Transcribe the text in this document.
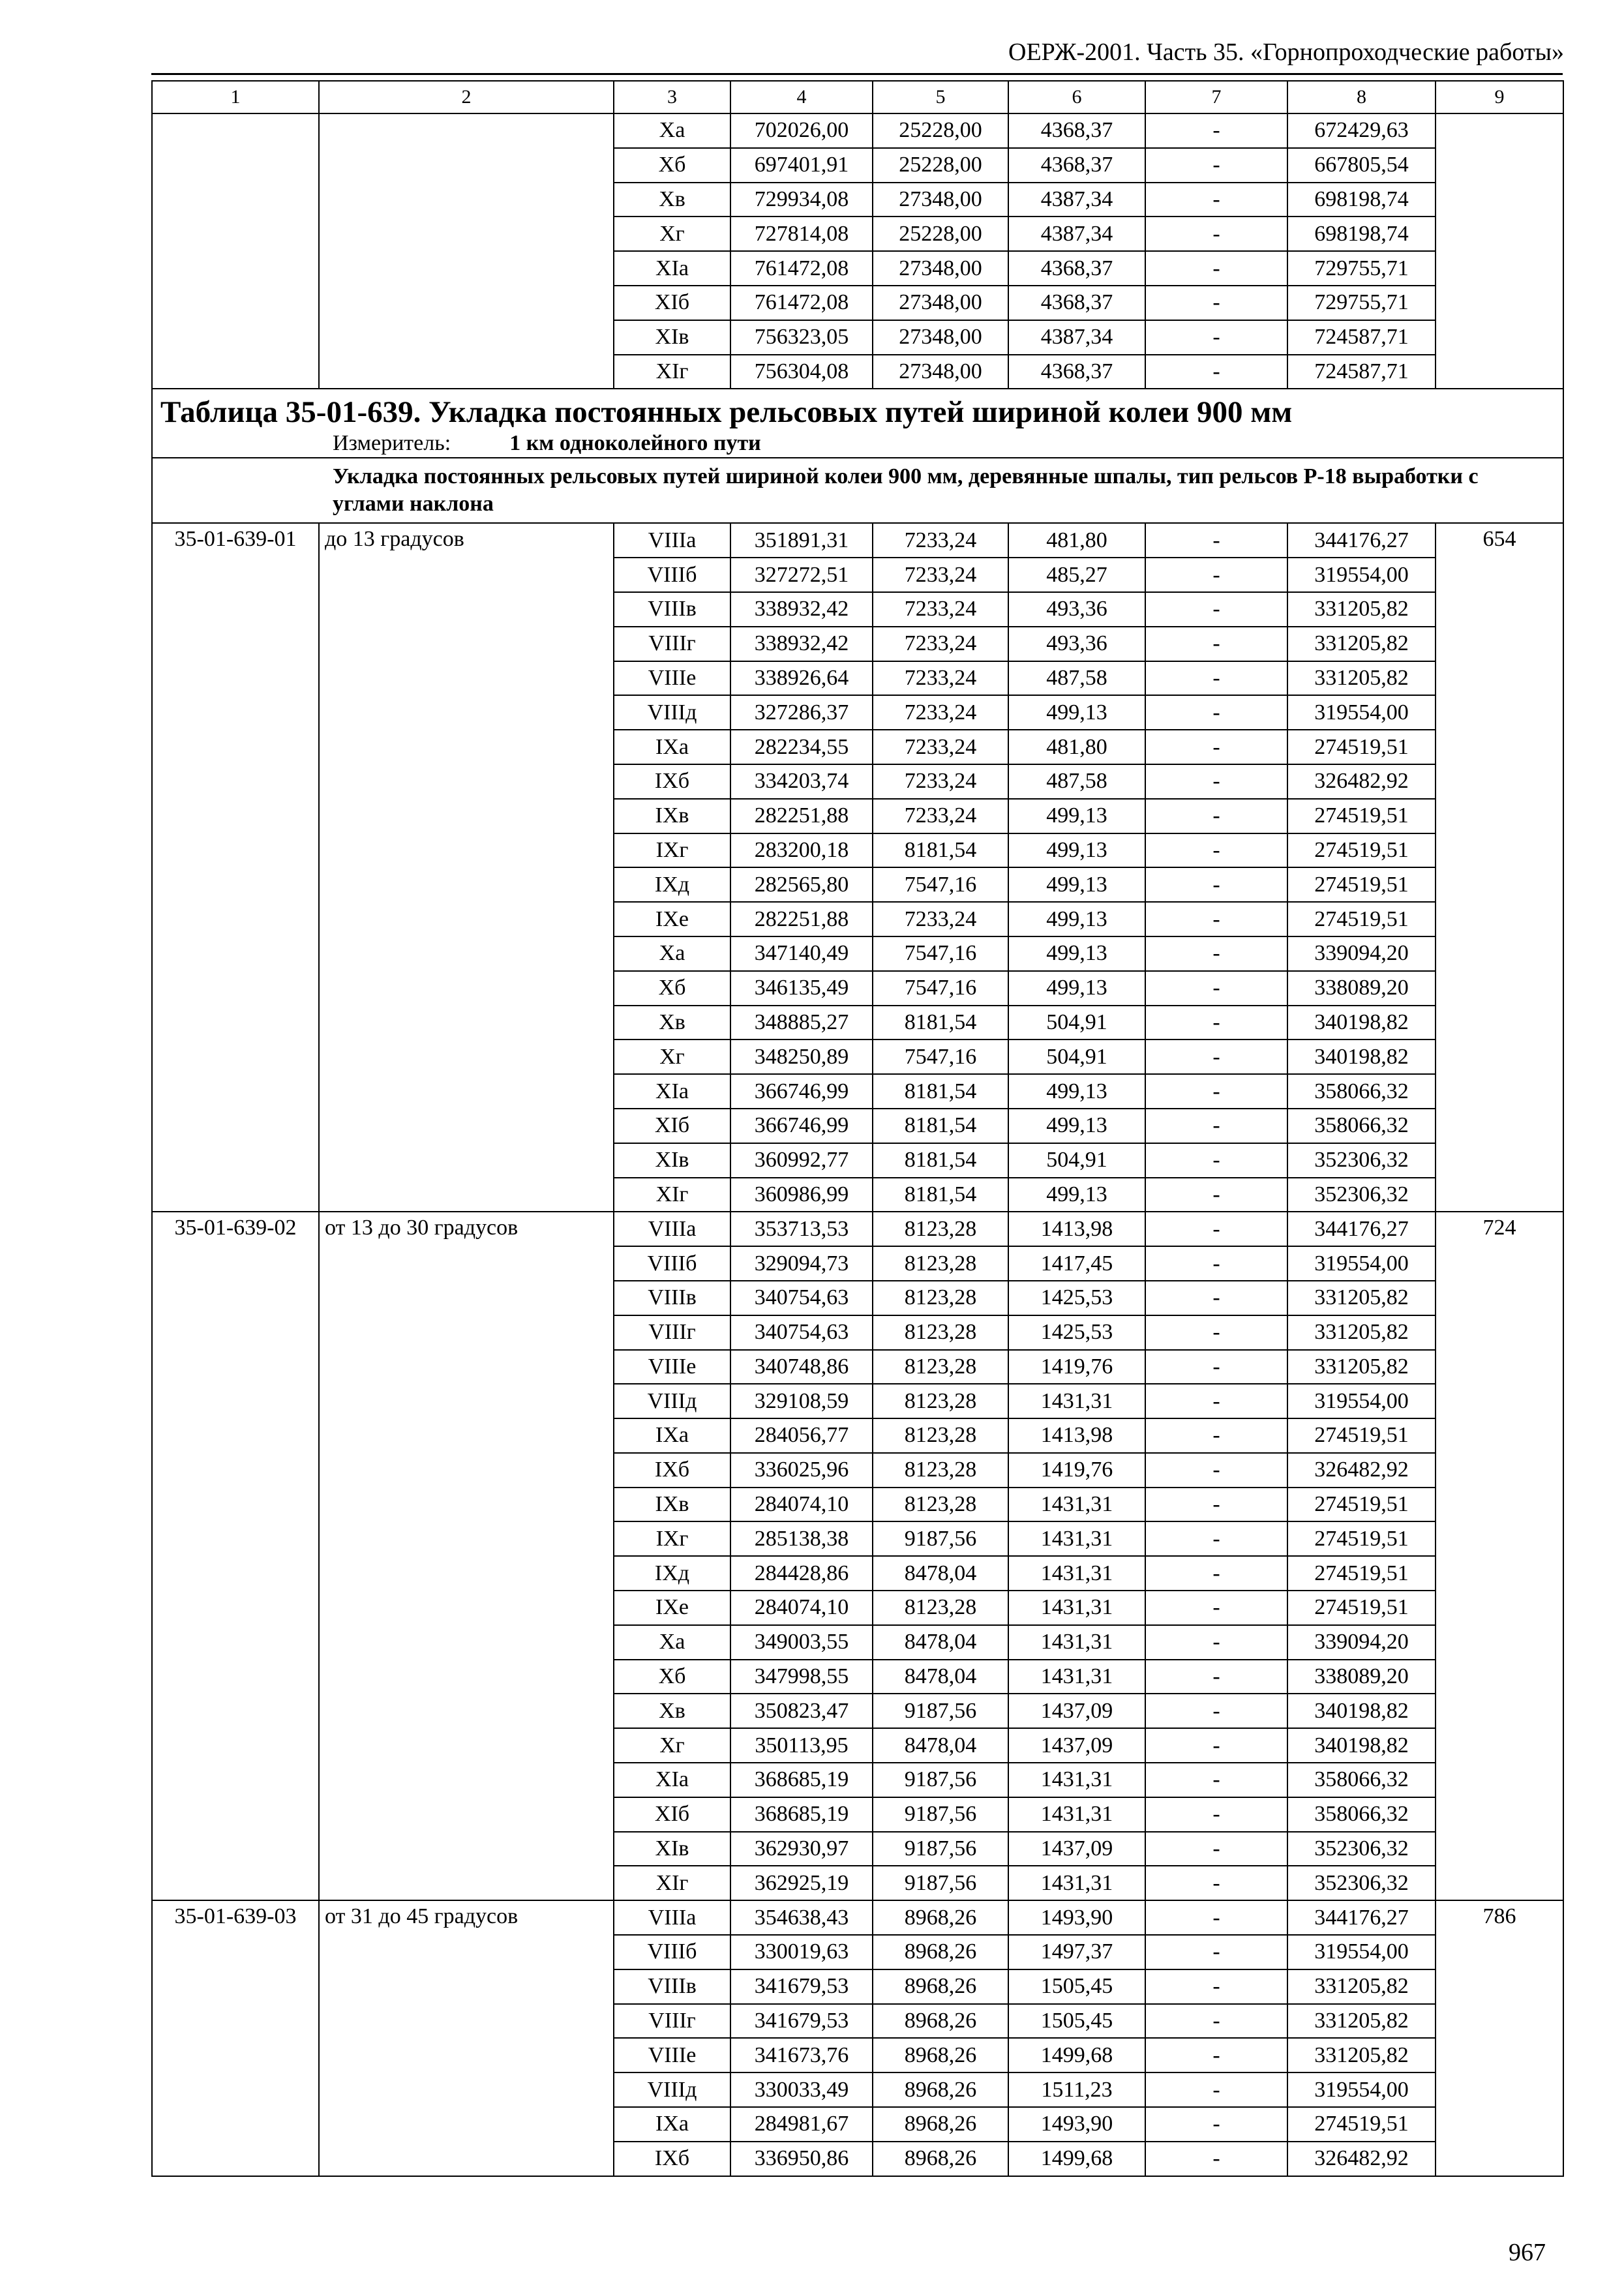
ОЕРЖ-2001. Часть 35. «Горнопроходческие работы»
1	2	3	4	5	6	7	8	9
		Xa	702026,00	25228,00	4368,37	-	672429,63	
		Xб	697401,91	25228,00	4368,37	-	667805,54	
		Xв	729934,08	27348,00	4387,34	-	698198,74	
		Xг	727814,08	25228,00	4387,34	-	698198,74	
		XIa	761472,08	27348,00	4368,37	-	729755,71	
		XIб	761472,08	27348,00	4368,37	-	729755,71	
		XIв	756323,05	27348,00	4387,34	-	724587,71	
		XIг	756304,08	27348,00	4368,37	-	724587,71	

Таблица 35-01-639. Укладка постоянных рельсовых путей шириной колеи 900 мм
Измеритель: 1 км одноколейного пути								

Укладка постоянных рельсовых путей шириной колеи 900 мм, деревянные шпалы, тип рельсов Р-18 выработки с углами наклона								
35-01-639-01	до 13 градусов	VIIIa	351891,31	7233,24	481,80	-	344176,27	654
		VIIIб	327272,51	7233,24	485,27	-	319554,00	
		VIIIв	338932,42	7233,24	493,36	-	331205,82	
		VIIIг	338932,42	7233,24	493,36	-	331205,82	
		VIIIe	338926,64	7233,24	487,58	-	331205,82	
		VIIIд	327286,37	7233,24	499,13	-	319554,00	
		IXa	282234,55	7233,24	481,80	-	274519,51	
		IXб	334203,74	7233,24	487,58	-	326482,92	
		IXв	282251,88	7233,24	499,13	-	274519,51	
		IXг	283200,18	8181,54	499,13	-	274519,51	
		IXд	282565,80	7547,16	499,13	-	274519,51	
		IXe	282251,88	7233,24	499,13	-	274519,51	
		Xa	347140,49	7547,16	499,13	-	339094,20	
		Xб	346135,49	7547,16	499,13	-	338089,20	
		Xв	348885,27	8181,54	504,91	-	340198,82	
		Xг	348250,89	7547,16	504,91	-	340198,82	
		XIa	366746,99	8181,54	499,13	-	358066,32	
		XIб	366746,99	8181,54	499,13	-	358066,32	
		XIв	360992,77	8181,54	504,91	-	352306,32	
		XIг	360986,99	8181,54	499,13	-	352306,32	
35-01-639-02	от 13 до 30 градусов	VIIIa	353713,53	8123,28	1413,98	-	344176,27	724
		VIIIб	329094,73	8123,28	1417,45	-	319554,00	
		VIIIв	340754,63	8123,28	1425,53	-	331205,82	
		VIIIг	340754,63	8123,28	1425,53	-	331205,82	
		VIIIe	340748,86	8123,28	1419,76	-	331205,82	
		VIIIд	329108,59	8123,28	1431,31	-	319554,00	
		IXa	284056,77	8123,28	1413,98	-	274519,51	
		IXб	336025,96	8123,28	1419,76	-	326482,92	
		IXв	284074,10	8123,28	1431,31	-	274519,51	
		IXг	285138,38	9187,56	1431,31	-	274519,51	
		IXд	284428,86	8478,04	1431,31	-	274519,51	
		IXe	284074,10	8123,28	1431,31	-	274519,51	
		Xa	349003,55	8478,04	1431,31	-	339094,20	
		Xб	347998,55	8478,04	1431,31	-	338089,20	
		Xв	350823,47	9187,56	1437,09	-	340198,82	
		Xг	350113,95	8478,04	1437,09	-	340198,82	
		XIa	368685,19	9187,56	1431,31	-	358066,32	
		XIб	368685,19	9187,56	1431,31	-	358066,32	
		XIв	362930,97	9187,56	1437,09	-	352306,32	
		XIг	362925,19	9187,56	1431,31	-	352306,32	
35-01-639-03	от 31 до 45 градусов	VIIIa	354638,43	8968,26	1493,90	-	344176,27	786
		VIIIб	330019,63	8968,26	1497,37	-	319554,00	
		VIIIв	341679,53	8968,26	1505,45	-	331205,82	
		VIIIг	341679,53	8968,26	1505,45	-	331205,82	
		VIIIe	341673,76	8968,26	1499,68	-	331205,82	
		VIIIд	330033,49	8968,26	1511,23	-	319554,00	
		IXa	284981,67	8968,26	1493,90	-	274519,51	
		IXб	336950,86	8968,26	1499,68	-	326482,92	
967
